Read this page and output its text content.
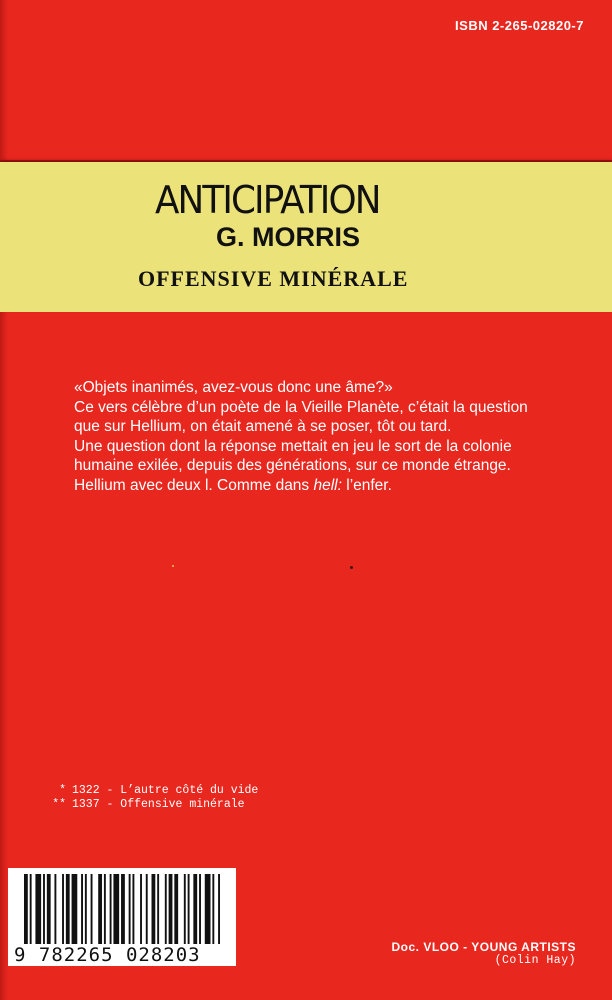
ISBN 2-265-02820-7
ANTICIPATION
G. MORRIS
OFFENSIVE MINÉRALE

«Objets inanimés, avez-vous donc une âme?»

Ce vers célèbre d’un poète de la Vieille Planète, c’était la question que sur Hellium, on était amené à se poser, tôt ou tard.

Une question dont la réponse mettait en jeu le sort de la colonie humaine exilée, depuis des générations, sur ce monde étrange.

Hellium avec deux l. Comme dans hell: l’enfer.

* 1322 - L’autre côté du vide
** 1337 - Offensive minérale
9 782265 028203	Doc. VLOO - YOUNG ARTISTS
(Colin Hay)
